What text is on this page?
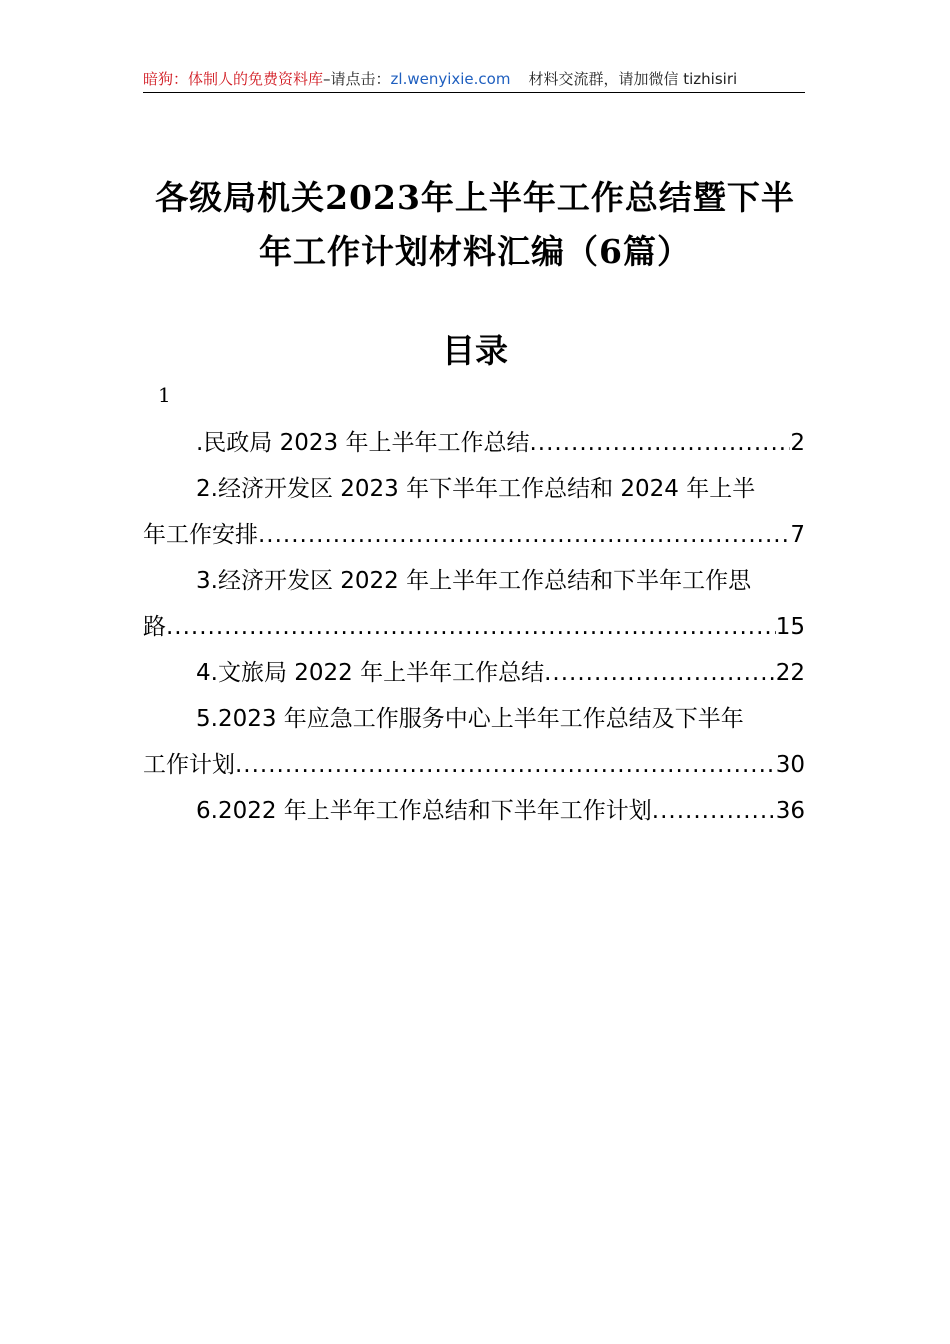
暗狗：体制人的免费资料库–请点击：zl.wenyixie.com 材料交流群，请加微信 tizhisiri
各级局机关2023年上半年工作总结暨下半
年工作计划材料汇编（6篇）
目录
1
.民政局 2023 年上半年工作总结 .....	2
2.经济开发区 2023 年下半年工作总结和 2024 年上半
年工作安排 .....	7
3.经济开发区 2022 年上半年工作总结和下半年工作思
路 .....	15
4.文旅局 2022 年上半年工作总结 .....	22
5.2023 年应急工作服务中心上半年工作总结及下半年
工作计划 .....	30
6.2022 年上半年工作总结和下半年工作计划 .....	36
